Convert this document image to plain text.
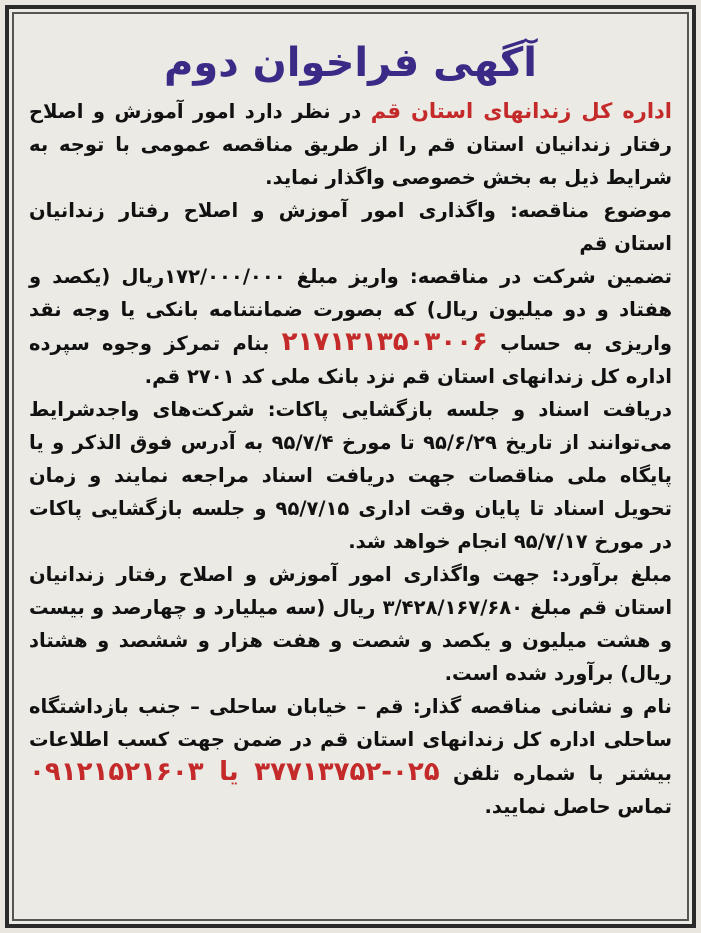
آگهی فراخوان دوم

اداره کل زندانهای استان قم در نظر دارد امور آموزش و اصلاح رفتار زندانیان استان قم را از طریق مناقصه عمومی با توجه به شرایط ذیل به بخش خصوصی واگذار نماید.

موضوع مناقصه: واگذاری امور آموزش و اصلاح رفتار زندانیان استان قم

تضمین شرکت در مناقصه: واریز مبلغ ۱۷۲/۰۰۰/۰۰۰ریال (یکصد و هفتاد و دو میلیون ریال) که بصورت ضمانتنامه بانکی یا وجه نقد واریزی به حساب ۲۱۷۱۳۱۳۵۰۳۰۰۶ بنام تمرکز وجوه سپرده اداره کل زندانهای استان قم نزد بانک ملی کد ۲۷۰۱ قم.

دریافت اسناد و جلسه بازگشایی پاکات: شرکت‌های واجدشرایط می‌توانند از تاریخ ۹۵/۶/۲۹ تا مورخ ۹۵/۷/۴ به آدرس فوق الذکر و یا پایگاه ملی مناقصات جهت دریافت اسناد مراجعه نمایند و زمان تحویل اسناد تا پایان وقت اداری ۹۵/۷/۱۵ و جلسه بازگشایی پاکات در مورخ ۹۵/۷/۱۷ انجام خواهد شد.

مبلغ برآورد: جهت واگذاری امور آموزش و اصلاح رفتار زندانیان استان قم مبلغ ۳/۴۲۸/۱۶۷/۶۸۰ ریال (سه میلیارد و چهارصد و بیست و هشت میلیون و یکصد و شصت و هفت هزار و ششصد و هشتاد ریال) برآورد شده است.

نام و نشانی مناقصه گذار: قم – خیابان ساحلی – جنب بازداشتگاه ساحلی اداره کل زندانهای استان قم در ضمن جهت کسب اطلاعات بیشتر با شماره تلفن ۰۲۵-۳۷۷۱۳۷۵۲ یا ۰۹۱۲۱۵۲۱۶۰۳ تماس حاصل نمایید.
